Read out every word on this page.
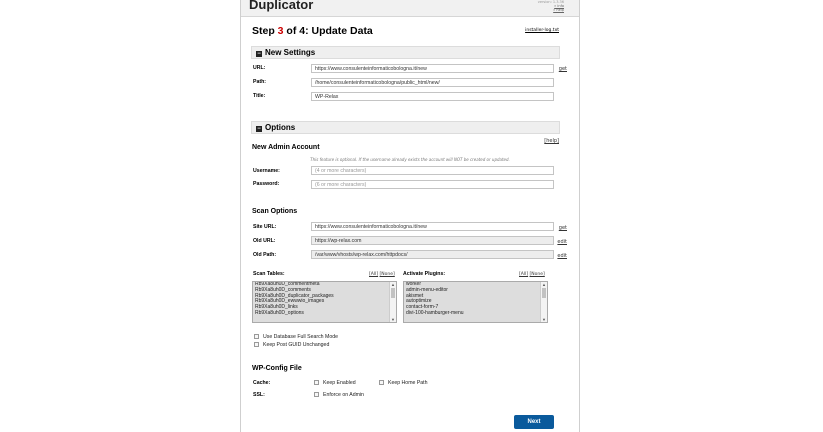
Duplicator	version: 1.3.36
» info
» help
Step 3 of 4: Update Data	installer-log.txt
− New Settings
URL:	https://www.consulenteinformaticobologna.it/new	get
Path:	/home/consulenteinformaticobologna/public_html/new/
Title:	WP-Relax
− Options
[help]
New Admin Account
This feature is optional. If the username already exists the account will NOT be created or updated.
Username:	(4 or more characters)
Password:	(6 or more characters)
Scan Options
Site URL:	https://www.consulenteinformaticobologna.it/new	get
Old URL:	https://wp-relax.com	edit
Old Path:	/var/www/vhosts/wp-relax.com/httpdocs/	edit
Scan Tables:	[All] [None]
Rb9Xa8uh0D_commentmeta
Rb9Xa8uh0D_comments
Rb9Xa8uh0D_duplicator_packages
Rb9Xa8uh0D_ewwwio_images
Rb9Xa8uh0D_links
Rb9Xa8uh0D_options
▲
▼
Activate Plugins:	[All] [None]
worker
admin-menu-editor
akismet
autoptimize
contact-form-7
divi-100-hamburger-menu
▲
▼
Use Database Full Search Mode
Keep Post GUID Unchanged
WP-Config File
Cache:	Keep Enabled	Keep Home Path
SSL:	Enforce on Admin
Next
